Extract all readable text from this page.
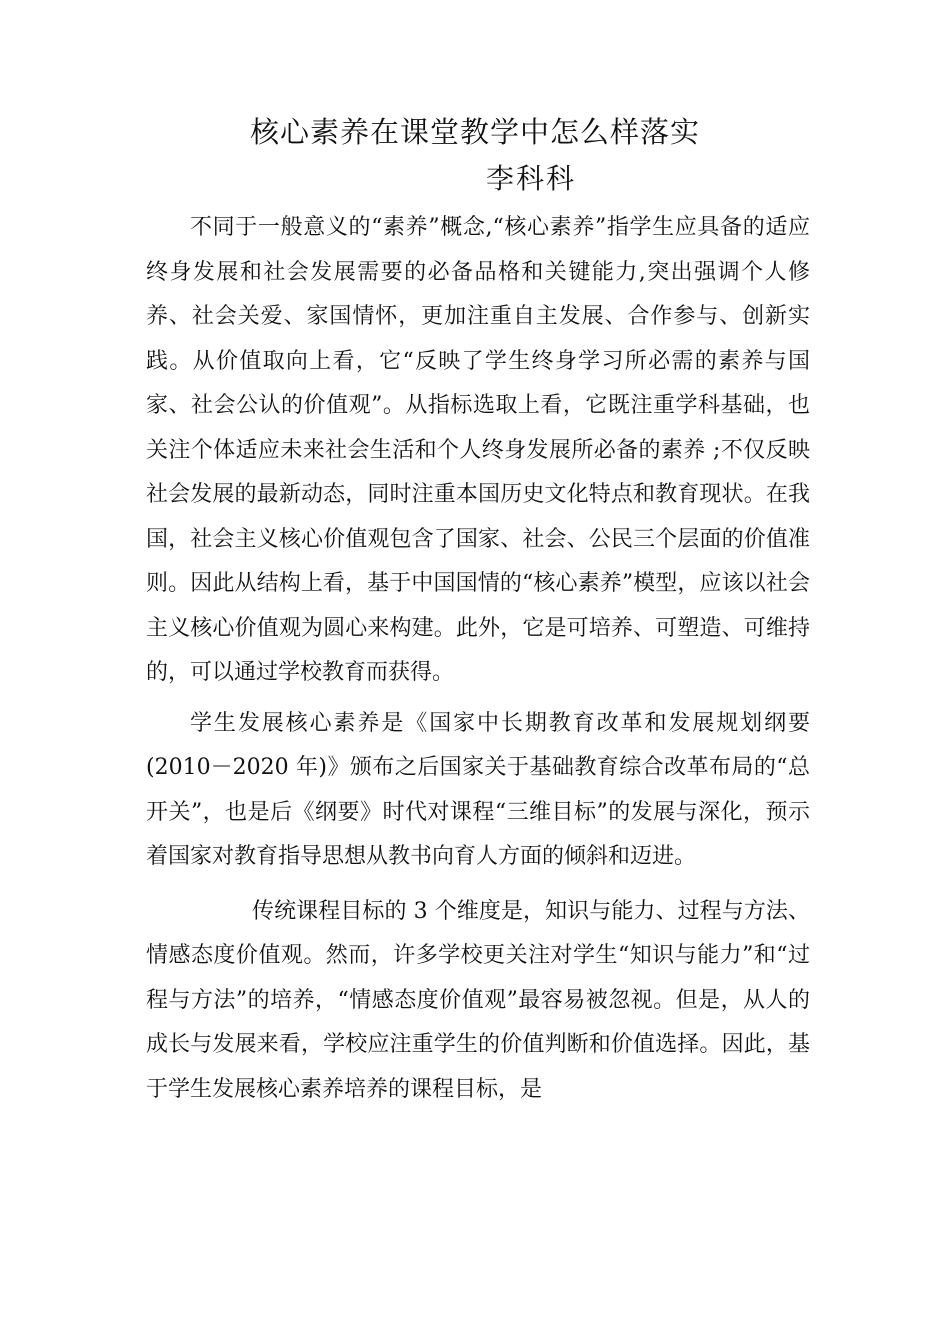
核心素养在课堂教学中怎么样落实
李科科

不同于一般意义的“素养”概念,“核心素养”指学生应具备的适应终身发展和社会发展需要的必备品格和关键能力,突出强调个人修养、社会关爱、家国情怀，更加注重自主发展、合作参与、创新实践。从价值取向上看，它“反映了学生终身学习所必需的素养与国家、社会公认的价值观”。从指标选取上看，它既注重学科基础，也关注个体适应未来社会生活和个人终身发展所必备的素养 ;不仅反映社会发展的最新动态，同时注重本国历史文化特点和教育现状。在我国，社会主义核心价值观包含了国家、社会、公民三个层面的价值准则。因此从结构上看，基于中国国情的“核心素养”模型，应该以社会主义核心价值观为圆心来构建。此外，它是可培养、可塑造、可维持的，可以通过学校教育而获得。

学生发展核心素养是《国家中长期教育改革和发展规划纲要(2010－2020 年)》颁布之后国家关于基础教育综合改革布局的“总开关”，也是后《纲要》时代对课程“三维目标”的发展与深化，预示着国家对教育指导思想从教书向育人方面的倾斜和迈进。

传统课程目标的 3 个维度是，知识与能力、过程与方法、情感态度价值观。然而，许多学校更关注对学生“知识与能力”和“过程与方法”的培养，“情感态度价值观”最容易被忽视。但是，从人的成长与发展来看，学校应注重学生的价值判断和价值选择。因此，基于学生发展核心素养培养的课程目标，是
